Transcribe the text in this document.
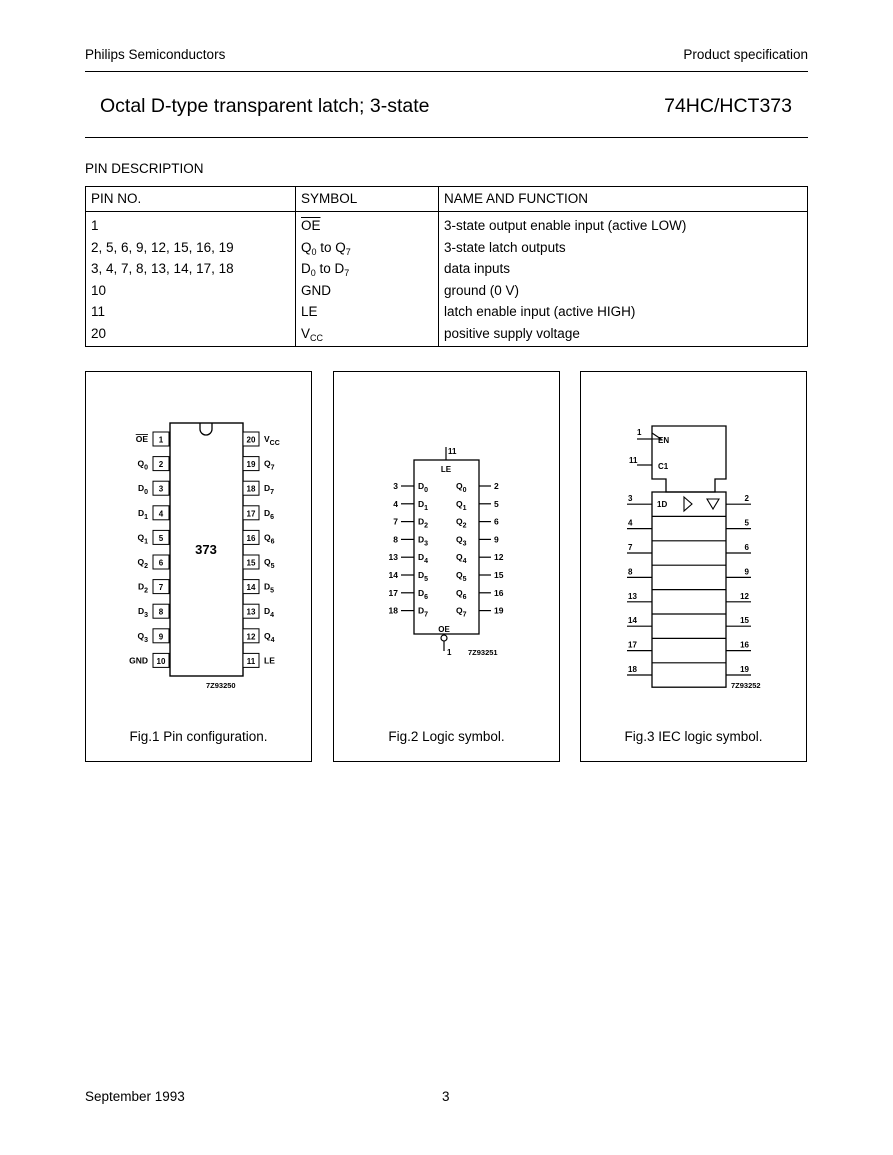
Philips Semiconductors	Product specification
Octal D-type transparent latch; 3-state	74HC/HCT373
PIN DESCRIPTION
PIN NO.	SYMBOL	NAME AND FUNCTION
1	$\overline{OE}$	3-state output enable input (active LOW)
2, 5, 6, 9, 12, 15, 16, 19	$Q_0$ to $Q_7$	3-state latch outputs
3, 4, 7, 8, 13, 14, 17, 18	$D_0$ to $D_7$	data inputs
10	GND	ground (0 V)
11	LE	latch enable input (active HIGH)
20	$V_{CC}$	positive supply voltage
373
1
OE	20 $V_{CC}$
2
$Q_0$	19 $Q_7$
3
$D_0$	18 $D_7$
4
$D_1$	17 $D_6$
5
$Q_1$	16 $Q_6$
6
$Q_2$	15 $Q_5$
7
$D_2$	14 $D_5$
8
$D_3$	13 $D_4$
9
$Q_3$	12 $Q_4$
10
GND	11 LE
7Z93250
Fig.1 Pin configuration.
11
LE
OE
1
3 $D_0$	$Q_0$	2
4 $D_1$	$Q_1$	5
7 $D_2$	$Q_2$	6
8 $D_3$	$Q_3$	9
13 $D_4$	$Q_4$	12
14 $D_5$	$Q_5$	15
17 $D_6$	$Q_6$	16
18 $D_7$	$Q_7$	19
7Z93251
Fig.2 Logic symbol.
1
EN
11
C1
3	2
4	5
7	6
8	9
13	12
14	15
17	16
18	19
1D
7Z93252
Fig.3 IEC logic symbol.
September 1993	3
